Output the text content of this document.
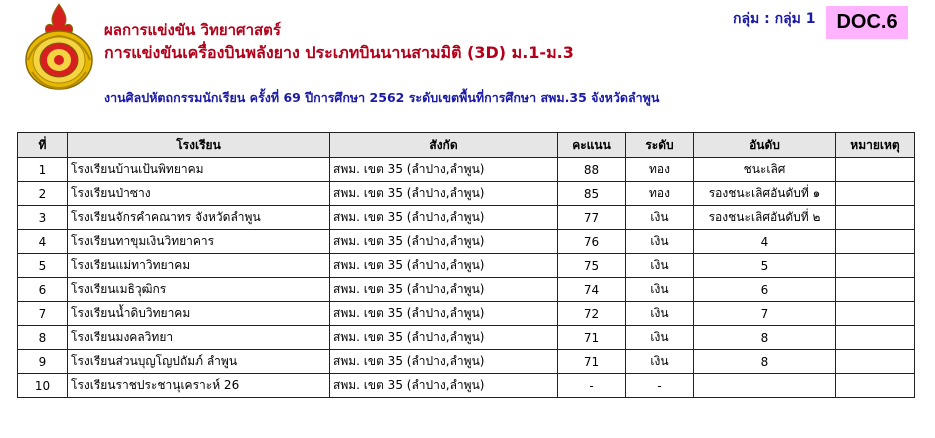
ผลการแข่งขัน วิทยาศาสตร์
การแข่งขันเครื่องบินพลังยาง ประเภทบินนานสามมิติ (3D) ม.1-ม.3
งานศิลปหัตถกรรมนักเรียน ครั้งที่ 69 ปีการศึกษา 2562 ระดับเขตพื้นที่การศึกษา สพม.35 จังหวัดลำพูน
กลุ่ม : กลุ่ม 1	DOC.6
ที่	โรงเรียน	สังกัด	คะแนน	ระดับ	อันดับ	หมายเหตุ
1	โรงเรียนบ้านเป้นพิทยาคม	สพม. เขต 35 (ลำปาง,ลำพูน)	88	ทอง	ชนะเลิศ	
2	โรงเรียนป่าซาง	สพม. เขต 35 (ลำปาง,ลำพูน)	85	ทอง	รองชนะเลิศอันดับที่ ๑	
3	โรงเรียนจักรคำคณาทร จังหวัดลำพูน	สพม. เขต 35 (ลำปาง,ลำพูน)	77	เงิน	รองชนะเลิศอันดับที่ ๒	
4	โรงเรียนทาขุมเงินวิทยาคาร	สพม. เขต 35 (ลำปาง,ลำพูน)	76	เงิน	4	
5	โรงเรียนแม่ทาวิทยาคม	สพม. เขต 35 (ลำปาง,ลำพูน)	75	เงิน	5	
6	โรงเรียนเมธิวุฒิกร	สพม. เขต 35 (ลำปาง,ลำพูน)	74	เงิน	6	
7	โรงเรียนน้ำดิบวิทยาคม	สพม. เขต 35 (ลำปาง,ลำพูน)	72	เงิน	7	
8	โรงเรียนมงคลวิทยา	สพม. เขต 35 (ลำปาง,ลำพูน)	71	เงิน	8	
9	โรงเรียนส่วนบุญโญปถัมภ์ ลำพูน	สพม. เขต 35 (ลำปาง,ลำพูน)	71	เงิน	8	
10	โรงเรียนราชประชานุเคราะห์ 26	สพม. เขต 35 (ลำปาง,ลำพูน)	-	-		
